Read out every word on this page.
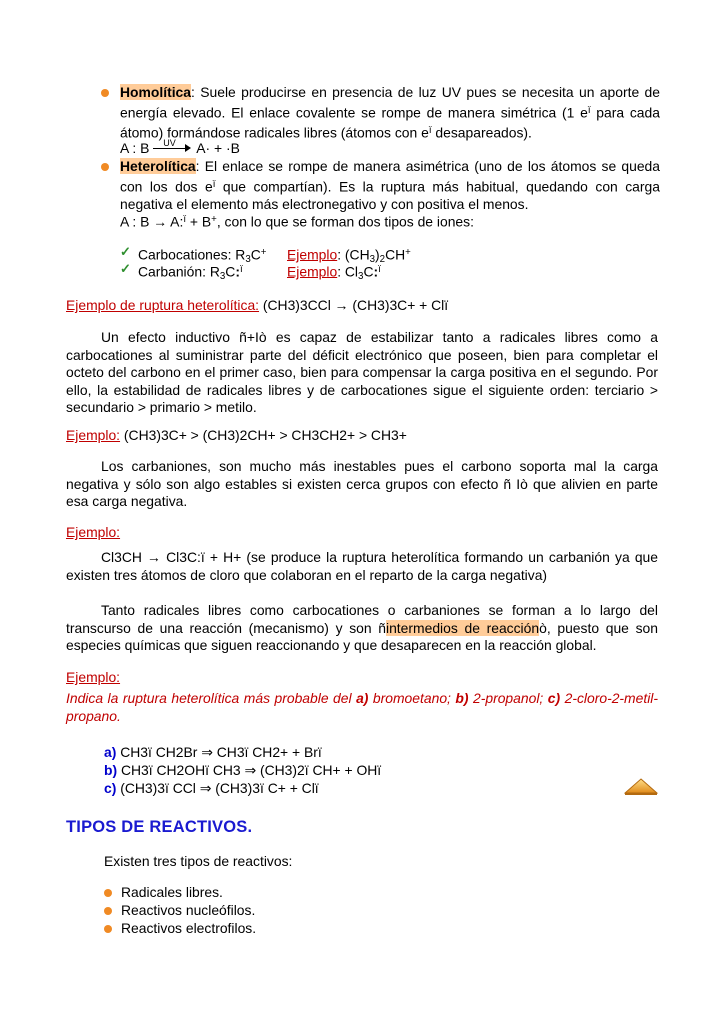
Homolítica: Suele producirse en presencia de luz UV pues se necesita un aporte de energía elevado. El enlace covalente se rompe de manera simétrica (1 $e^ï$ para cada átomo) formándose radicales libres (átomos con $e^ï$ desapareados).
A : B UV A· + ·B
Heterolítica: El enlace se rompe de manera asimétrica (uno de los átomos se queda con los dos $e^ï$ que compartían). Es la ruptura más habitual, quedando con carga negativa el elemento más electronegativo y con positiva el menos.
A : B → A:$^ï$ + B+, con lo que se forman dos tipos de iones:
✓ Carbocationes: $R_3C^+$ Ejemplo: $(CH_3)_2CH^+$
✓ Carbanión: $R_3C:^ï$	Ejemplo: $Cl_3C:^ï$
Ejemplo de ruptura heterolítica: (CH3)3CCl → (CH3)3C+ + Clï
Un efecto inductivo ñ+Iò es capaz de estabilizar tanto a radicales libres como a carbocationes al suministrar parte del déficit electrónico que poseen, bien para completar el octeto del carbono en el primer caso, bien para compensar la carga positiva en el segundo. Por ello, la estabilidad de radicales libres y de carbocationes sigue el siguiente orden: terciario > secundario > primario > metilo.
Ejemplo: (CH3)3C+ > (CH3)2CH+ > CH3CH2+ > CH3+
Los carbaniones, son mucho más inestables pues el carbono soporta mal la carga negativa y sólo son algo estables si existen cerca grupos con efecto ñ Iò que alivien en parte esa carga negativa.
Ejemplo:
Cl3CH → Cl3C:ï + H+ (se produce la ruptura heterolítica formando un carbanión ya que existen tres átomos de cloro que colaboran en el reparto de la carga negativa)
Tanto radicales libres como carbocationes o carbaniones se forman a lo largo del transcurso de una reacción (mecanismo) y son ñintermedios de reacciónò, puesto que son especies químicas que siguen reaccionando y que desaparecen en la reacción global.
Ejemplo:
Indica la ruptura heterolítica más probable del a) bromoetano; b) 2-propanol; c) 2-cloro-2-metil-propano.
a) CH3ï CH2Br ⇒ CH3ï CH2+ + Brï
b) CH3ï CH2OHï CH3 ⇒ (CH3)2ï CH+ + OHï
c) (CH3)3ï CCl ⇒ (CH3)3ï C+ + Clï
TIPOS DE REACTIVOS.
Existen tres tipos de reactivos:
Radicales libres.
Reactivos nucleófilos.
Reactivos electrofilos.
